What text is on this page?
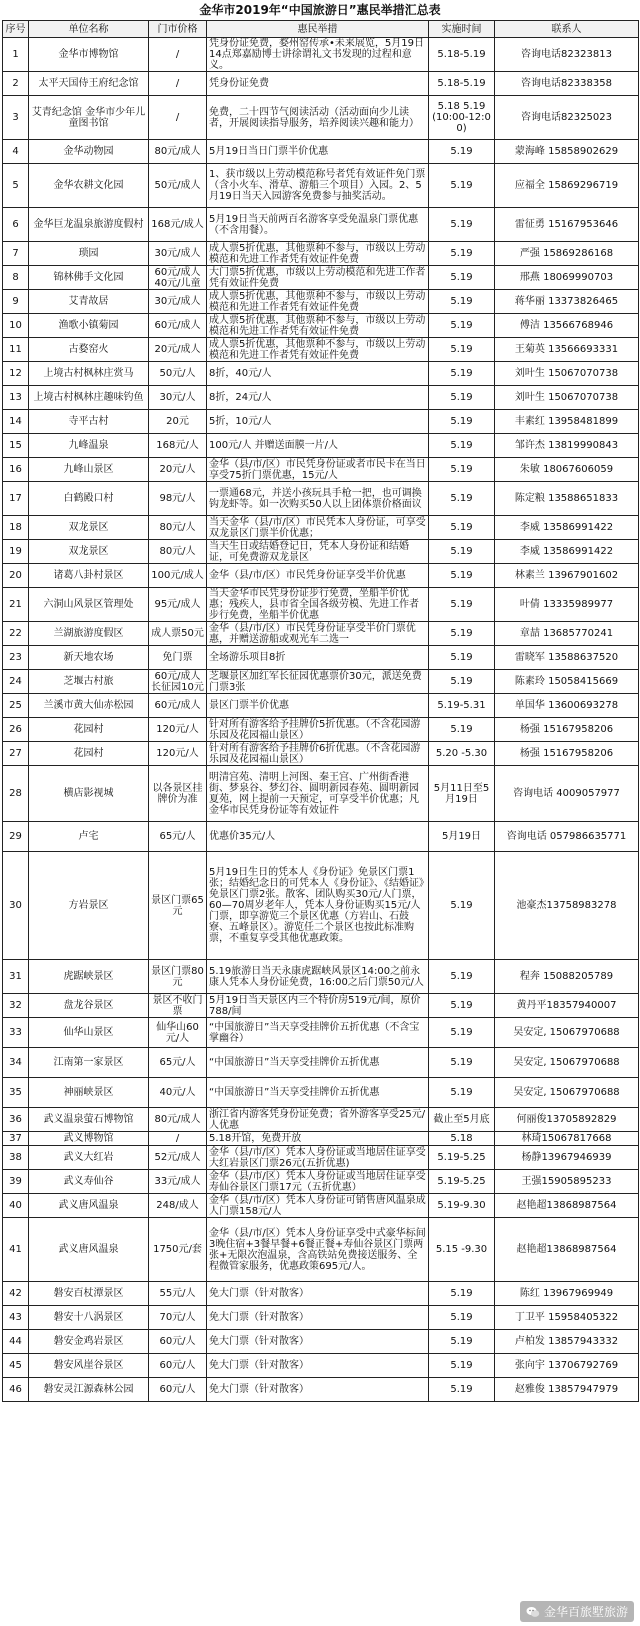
金华市2019年“中国旅游日”惠民举措汇总表
序号	单位名称	门市价格	惠民举措	实施时间	联系人
1	金华市博物馆	/	凭身份证免费，婺州窑传承•未来展览，5月19日14点郑嘉励博士讲徐谓礼文书发现的过程和意义。	5.18-5.19	咨询电话82323813
2	太平天国侍王府纪念馆	/	凭身份证免费	5.18-5.19	咨询电话82338358
3	艾青纪念馆 金华市少年儿童图书馆	/	免费，二十四节气阅读活动（活动面向少儿读者，开展阅读指导服务，培养阅读兴趣和能力）	5.18 5.19 (10:00-12:00)	咨询电话82325023
4	金华动物园	80元/成人	5月19日当日门票半价优惠	5.19	蒙海峰 15858902629
5	金华农耕文化园	50元/成人	1、获市级以上劳动模范称号者凭有效证件免门票（含小火车、滑草、游船三个项目）入园。2、5月19日当天入园游客免费参与抽奖活动。	5.19	应福全 15869296719
6	金华巨龙温泉旅游度假村	168元/成人	5月19日当天前两百名游客享受免温泉门票优惠（不含用餐）。	5.19	雷征勇 15167953646
7	琐园	30元/成人	成人票5折优惠，其他票种不参与，市级以上劳动模范和先进工作者凭有效证件免费	5.19	严强 15869286168
8	锦林佛手文化园	60元/成人 40元/儿童	大门票5折优惠，市级以上劳动模范和先进工作者凭有效证件免费	5.19	邢燕 18069990703
9	艾青故居	30元/成人	成人票5折优惠，其他票种不参与，市级以上劳动模范和先进工作者凭有效证件免费	5.19	蒋华丽 13373826465
10	渔歌小镇菊园	60元/成人	成人票5折优惠，其他票种不参与，市级以上劳动模范和先进工作者凭有效证件免费	5.19	傅洁 13566768946
11	古婺窑火	20元/成人	成人票5折优惠，其他票种不参与，市级以上劳动模范和先进工作者凭有效证件免费	5.19	王菊英 13566693331
12	上境古村枫林庄赏马	50元/人	8折，40元/人	5.19	刘叶生 15067070738
13	上境古村枫林庄趣味钓鱼	30元/人	8折，24元/人	5.19	刘叶生 15067070738
14	寺平古村	20元	5折，10元/人	5.19	丰素红 13958481899
15	九峰温泉	168元/人	100元/人 并赠送面膜一片/人	5.19	邹许杰 13819990843
16	九峰山景区	20元/人	金华（县/市/区）市民凭身份证或者市民卡在当日享受75折门票优惠，15元/人	5.19	朱敏 18067606059
17	白鹤殿口村	98元/人	一票通68元，并送小孩玩具手枪一把，也可调换钩龙虾等。如一次购买50人以上团体票价格面议	5.19	陈定粮 13588651833
18	双龙景区	80元/人	当天金华（县/市/区）市民凭本人身份证，可享受双龙景区门票半价优惠；	5.19	李威 13586991422
19	双龙景区	80元/人	当天生日或结婚登记日，凭本人身份证和结婚证，可免费游双龙景区	5.19	李威 13586991422
20	诸葛八卦村景区	100元/成人	金华（县/市/区）市民凭身份证享受半价优惠	5.19	林素兰 13967901602
21	六洞山风景区管理处	95元/成人	当天金华市民凭身份证步行免费，坐船半价优惠；残疾人，县市省全国各级劳模、先进工作者步行免费，坐船半价优惠	5.19	叶倩 13335989977
22	兰湖旅游度假区	成人票50元	金华（县/市/区）市民凭身份证享受半价门票优惠，并赠送游船或观光车二选一	5.19	章喆 13685770241
23	新天地农场	免门票	全场游乐项目8折	5.19	雷晓军 13588637520
24	芝堰古村旅	60元/成人 长征园10元	芝堰景区加红军长征园优惠票价30元，派送免费门票3张	5.19	陈素玲 15058415669
25	兰溪市黄大仙赤松园	60元/成人	景区门票半价优惠	5.19-5.31	单国华 13600693278
26	花园村	120元/人	针对所有游客给予挂牌价5折优惠。（不含花园游乐园及花园福山景区）	5.19	杨强 15167958206
27	花园村	120元/人	针对所有游客给予挂牌价6折优惠。（不含花园游乐园及花园福山景区）	5.20 -5.30	杨强 15167958206
28	横店影视城	以各景区挂牌价为准	明清宫苑、清明上河图、秦王宫、广州街香港街、梦泉谷、梦幻谷、圆明新园春苑、圆明新园夏苑，网上提前一天预定，可享受半价优惠；凡金华市民凭身份证等有效证件	5月11日至5月19日	咨询电话 4009057977
29	卢宅	65元/人	优惠价35元/人	5月19日	咨询电话 057986635771
30	方岩景区	景区门票65元	5月19日生日的凭本人《身份证》免景区门票1张；结婚纪念日的可凭本人《身份证》、《结婚证》免景区门票2张。散客、团队购买30元/人门票，60—70周岁老年人，凭本人身份证购买15元/人门票，即享游览三个景区优惠（方岩山、石鼓寮、五峰景区）。游览任二个景区也按此标准购票，不重复享受其他优惠政策。	5.19	池豪杰13758983278
31	虎踞峡景区	景区门票80元	5.19旅游日当天永康虎踞峡风景区14:00之前永康人凭本人身份证免费，16:00之后门票50元/人	5.19	程奔 15088205789
32	盘龙谷景区	景区不收门票	5月19日当天景区内三个特价房519元/间，原价788/间	5.19	黄丹平18357940007
33	仙华山景区	仙华山60元/人	“中国旅游日”当天享受挂牌价五折优惠（不含宝掌幽谷）	5.19	吴安定, 15067970688
34	江南第一家景区	65元/人	“中国旅游日”当天享受挂牌价五折优惠	5.19	吴安定, 15067970688
35	神丽峡景区	40元/人	“中国旅游日”当天享受挂牌价五折优惠	5.19	吴安定, 15067970688
36	武义温泉萤石博物馆	80元/成人	浙江省内游客凭身份证免费；省外游客享受25元/人优惠	截止至5月底	何丽俊13705892829
37	武义博物馆	/	5.18开馆，免费开放	5.18	林琦15067817668
38	武义大红岩	52元/成人	金华（县/市/区）凭本人身份证或当地居住证享受大红岩景区门票26元(五折优惠)	5.19-5.25	杨静13967946939
39	武义寿仙谷	33元/成人	金华（县/市/区）凭本人身份证或当地居住证享受寿仙谷景区门票17元（五折优惠）	5.19-5.25	王强15905895233
40	武义唐风温泉	248/成人	金华（县/市/区）凭本人身份证可销售唐风温泉成人门票158元/人	5.19-9.30	赵艳超13868987564
41	武义唐风温泉	1750元/套	金华（县/市/区）凭本人身份证享受中式豪华标间3晚住宿+3餐早餐+6餐正餐+寿仙谷景区门票两张+无限次泡温泉，含高铁站免费接送服务、全程微管家服务，优惠政策695元/人。	5.15 -9.30	赵艳超13868987564
42	磐安百杖潭景区	55元/人	免大门票（针对散客）	5.19	陈红 13967969949
43	磐安十八涡景区	70元/人	免大门票（针对散客）	5.19	丁卫平 15958405322
44	磐安金鸡岩景区	60元/人	免大门票（针对散客）	5.19	卢柏发 13857943332
45	磐安风崖谷景区	60元/人	免大门票（针对散客）	5.19	张向宇 13706792769
46	磐安灵江源森林公园	60元/人	免大门票（针对散客）	5.19	赵雅俊 13857947979
金华百旅墅旅游
